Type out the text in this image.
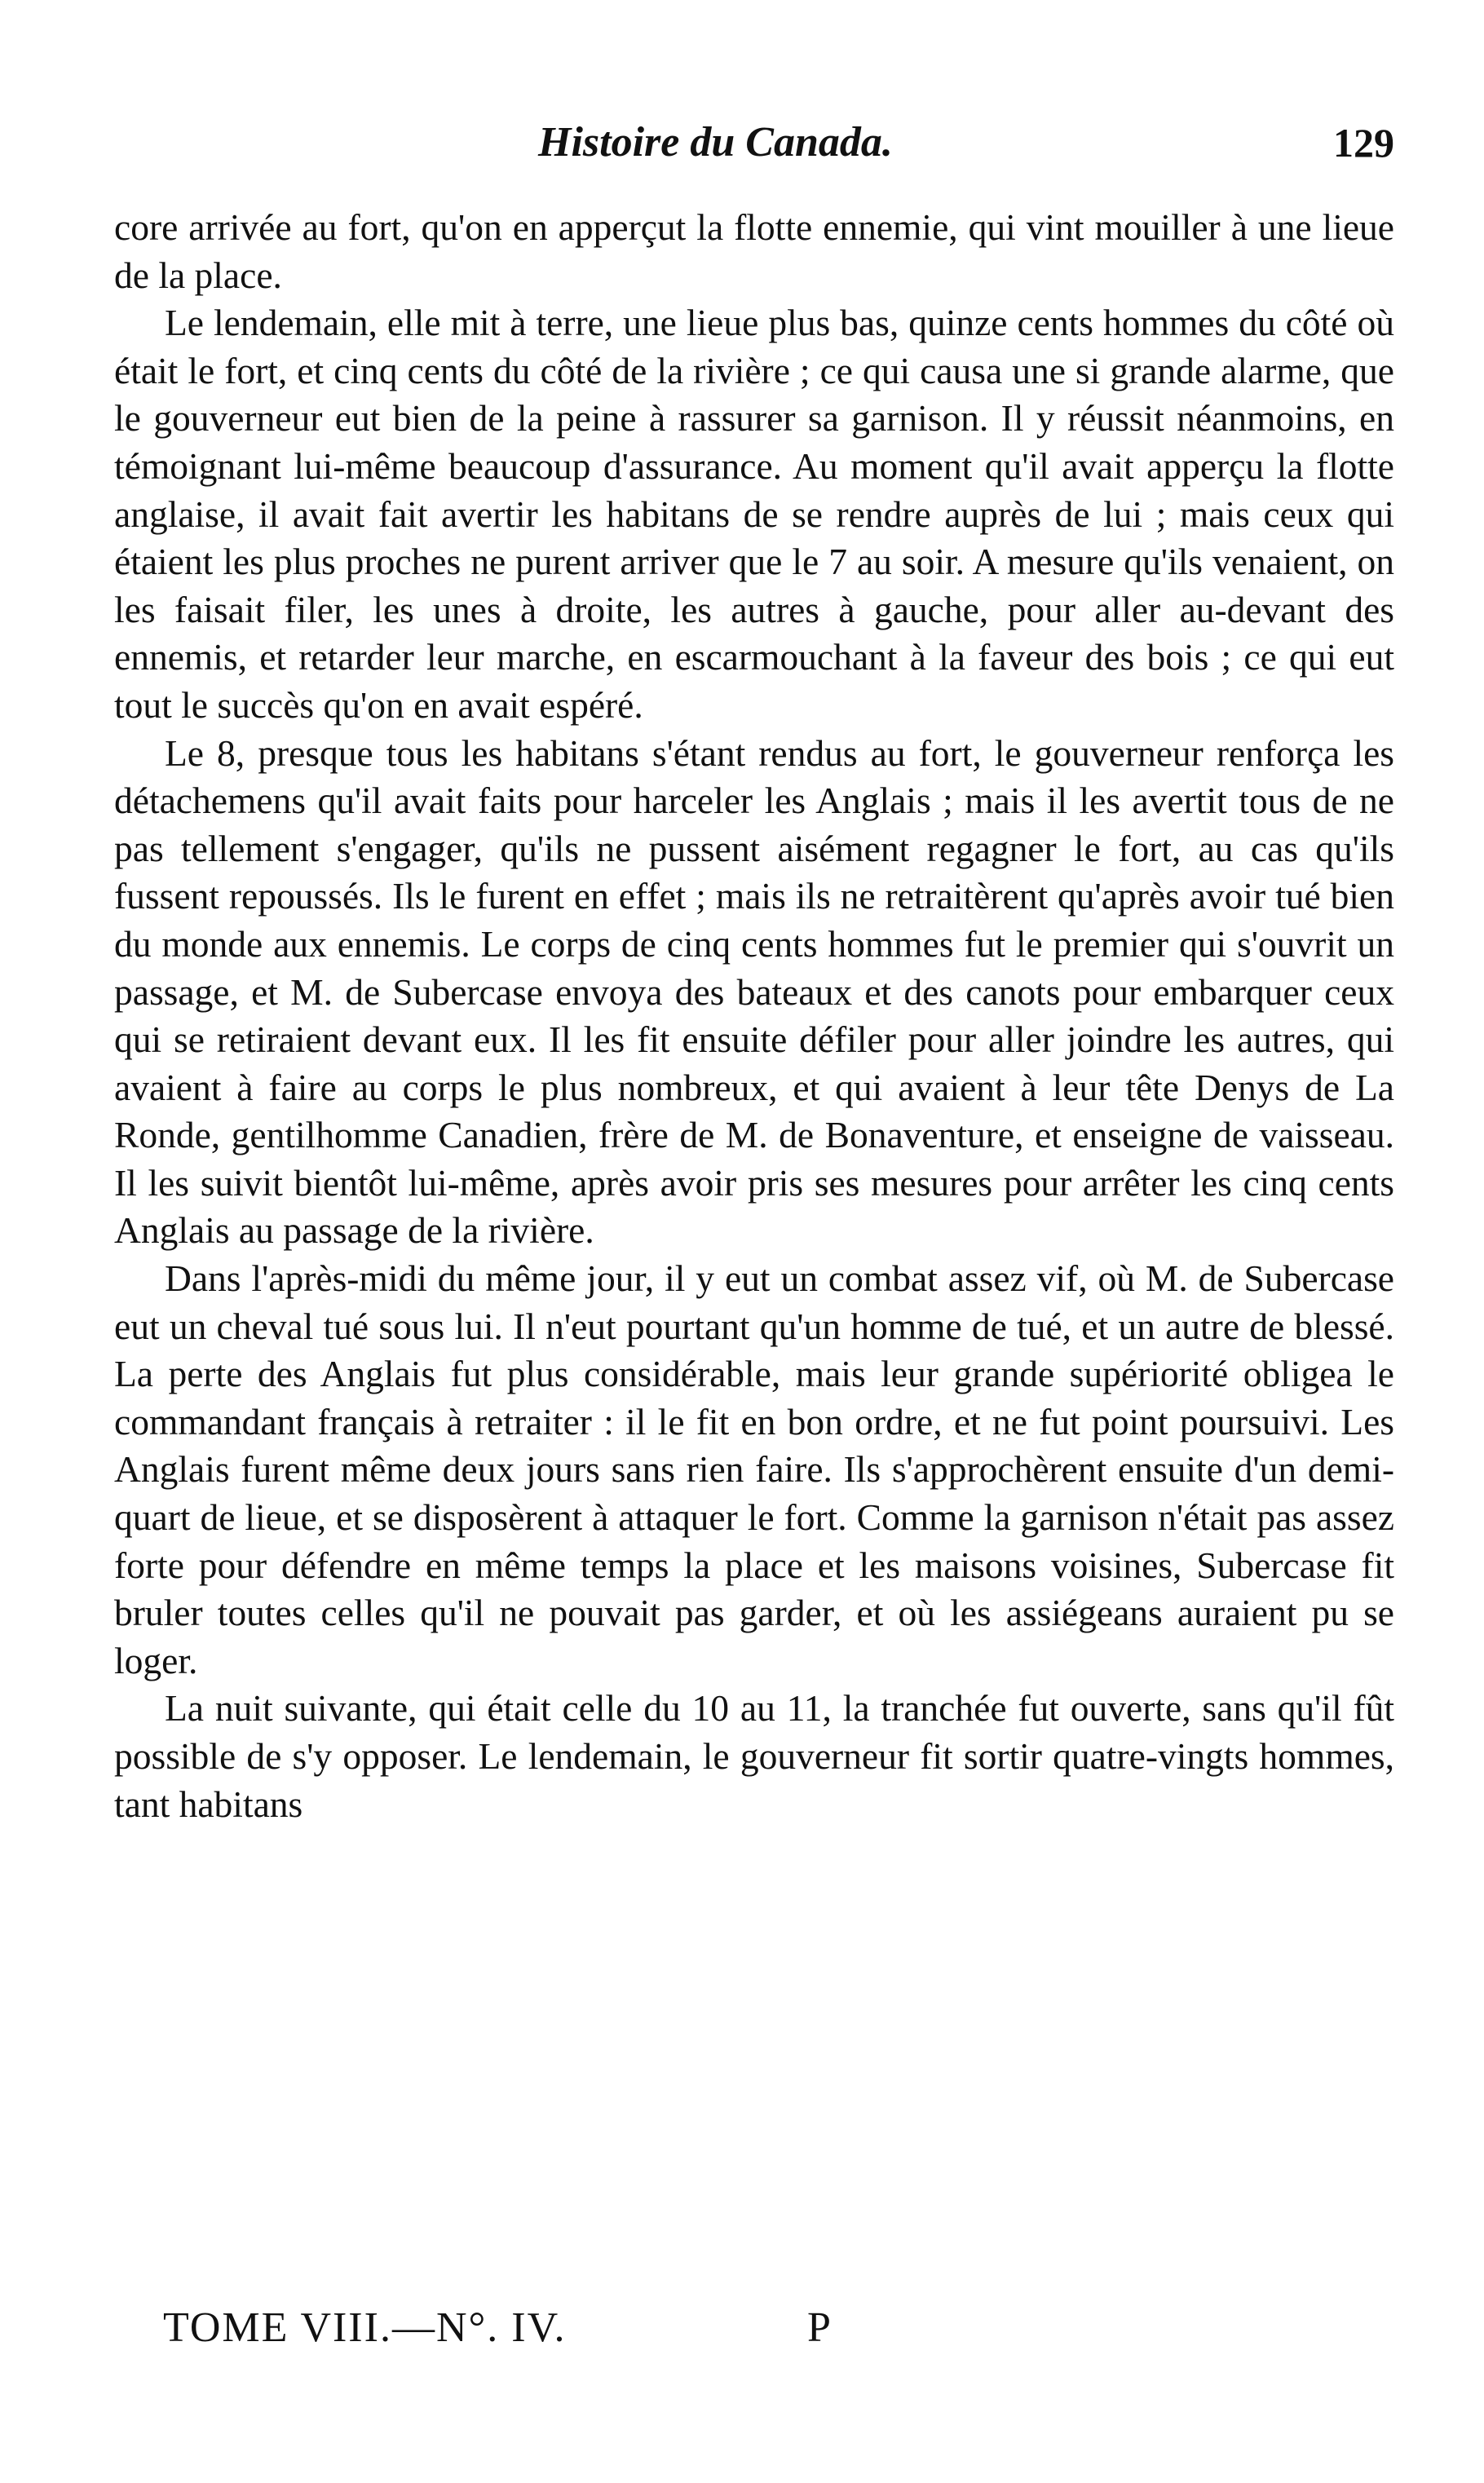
Histoire du Canada.	129

core arrivée au fort, qu'on en apperçut la flotte ennemie, qui vint mouiller à une lieue de la place.

Le lendemain, elle mit à terre, une lieue plus bas, quinze cents hommes du côté où était le fort, et cinq cents du côté de la rivière ; ce qui causa une si grande alarme, que le gouverneur eut bien de la peine à rassurer sa garnison. Il y réussit néanmoins, en témoignant lui-même beaucoup d'assurance. Au moment qu'il avait apperçu la flotte anglaise, il avait fait avertir les habitans de se rendre auprès de lui ; mais ceux qui étaient les plus proches ne purent arriver que le 7 au soir. A mesure qu'ils venaient, on les faisait filer, les unes à droite, les autres à gauche, pour aller au-devant des ennemis, et retarder leur marche, en escarmouchant à la faveur des bois ; ce qui eut tout le succès qu'on en avait espéré.

Le 8, presque tous les habitans s'étant rendus au fort, le gouverneur renforça les détachemens qu'il avait faits pour harceler les Anglais ; mais il les avertit tous de ne pas tellement s'engager, qu'ils ne pussent aisément regagner le fort, au cas qu'ils fussent repoussés. Ils le furent en effet ; mais ils ne retraitèrent qu'après avoir tué bien du monde aux ennemis. Le corps de cinq cents hommes fut le premier qui s'ouvrit un passage, et M. de Subercase envoya des bateaux et des canots pour embarquer ceux qui se retiraient devant eux. Il les fit ensuite défiler pour aller joindre les autres, qui avaient à faire au corps le plus nombreux, et qui avaient à leur tête Denys de La Ronde, gentilhomme Canadien, frère de M. de Bonaventure, et enseigne de vaisseau. Il les suivit bientôt lui-même, après avoir pris ses mesures pour arrêter les cinq cents Anglais au passage de la rivière.

Dans l'après-midi du même jour, il y eut un combat assez vif, où M. de Subercase eut un cheval tué sous lui. Il n'eut pourtant qu'un homme de tué, et un autre de blessé. La perte des Anglais fut plus considérable, mais leur grande supériorité obligea le commandant français à retraiter : il le fit en bon ordre, et ne fut point poursuivi. Les Anglais furent même deux jours sans rien faire. Ils s'approchèrent ensuite d'un demi-quart de lieue, et se disposèrent à attaquer le fort. Comme la garnison n'était pas assez forte pour défendre en même temps la place et les maisons voisines, Subercase fit bruler toutes celles qu'il ne pouvait pas garder, et où les assiégeans auraient pu se loger.

La nuit suivante, qui était celle du 10 au 11, la tranchée fut ouverte, sans qu'il fût possible de s'y opposer. Le lendemain, le gouverneur fit sortir quatre-vingts hommes, tant habitans

TOME VIII.—N°. IV.	P
